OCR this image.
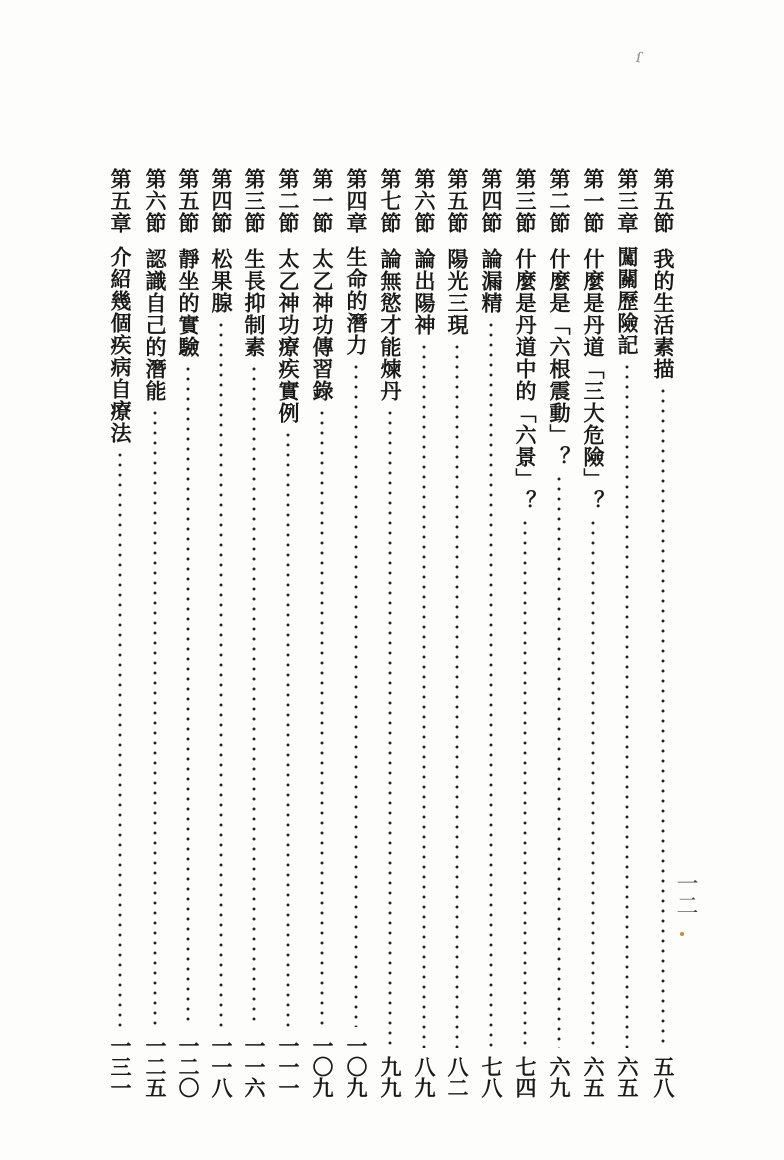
ſ
第五節
我的生活素描
五八
第三章
闖關歷險記
六五
第一節
什麼是丹道「三大危險」？
六五
第二節
什麼是「六根震動」？
六九
第三節
什麼是丹道中的「六景」？
七四
第四節
論漏精
七八
第五節
陽光三現
八二
第六節
論出陽神
八九
第七節
論無慾才能煉丹
九九
第四章
生命的潛力
一〇九
第一節
太乙神功傳習錄
一〇九
第二節
太乙神功療疾實例
一一一
第三節
生長抑制素
一一六
第四節
松果腺
一一八
第五節
靜坐的實驗
一二〇
第六節
認識自己的潛能
一二五
第五章
介紹幾個疾病自療法
一三一
一二
